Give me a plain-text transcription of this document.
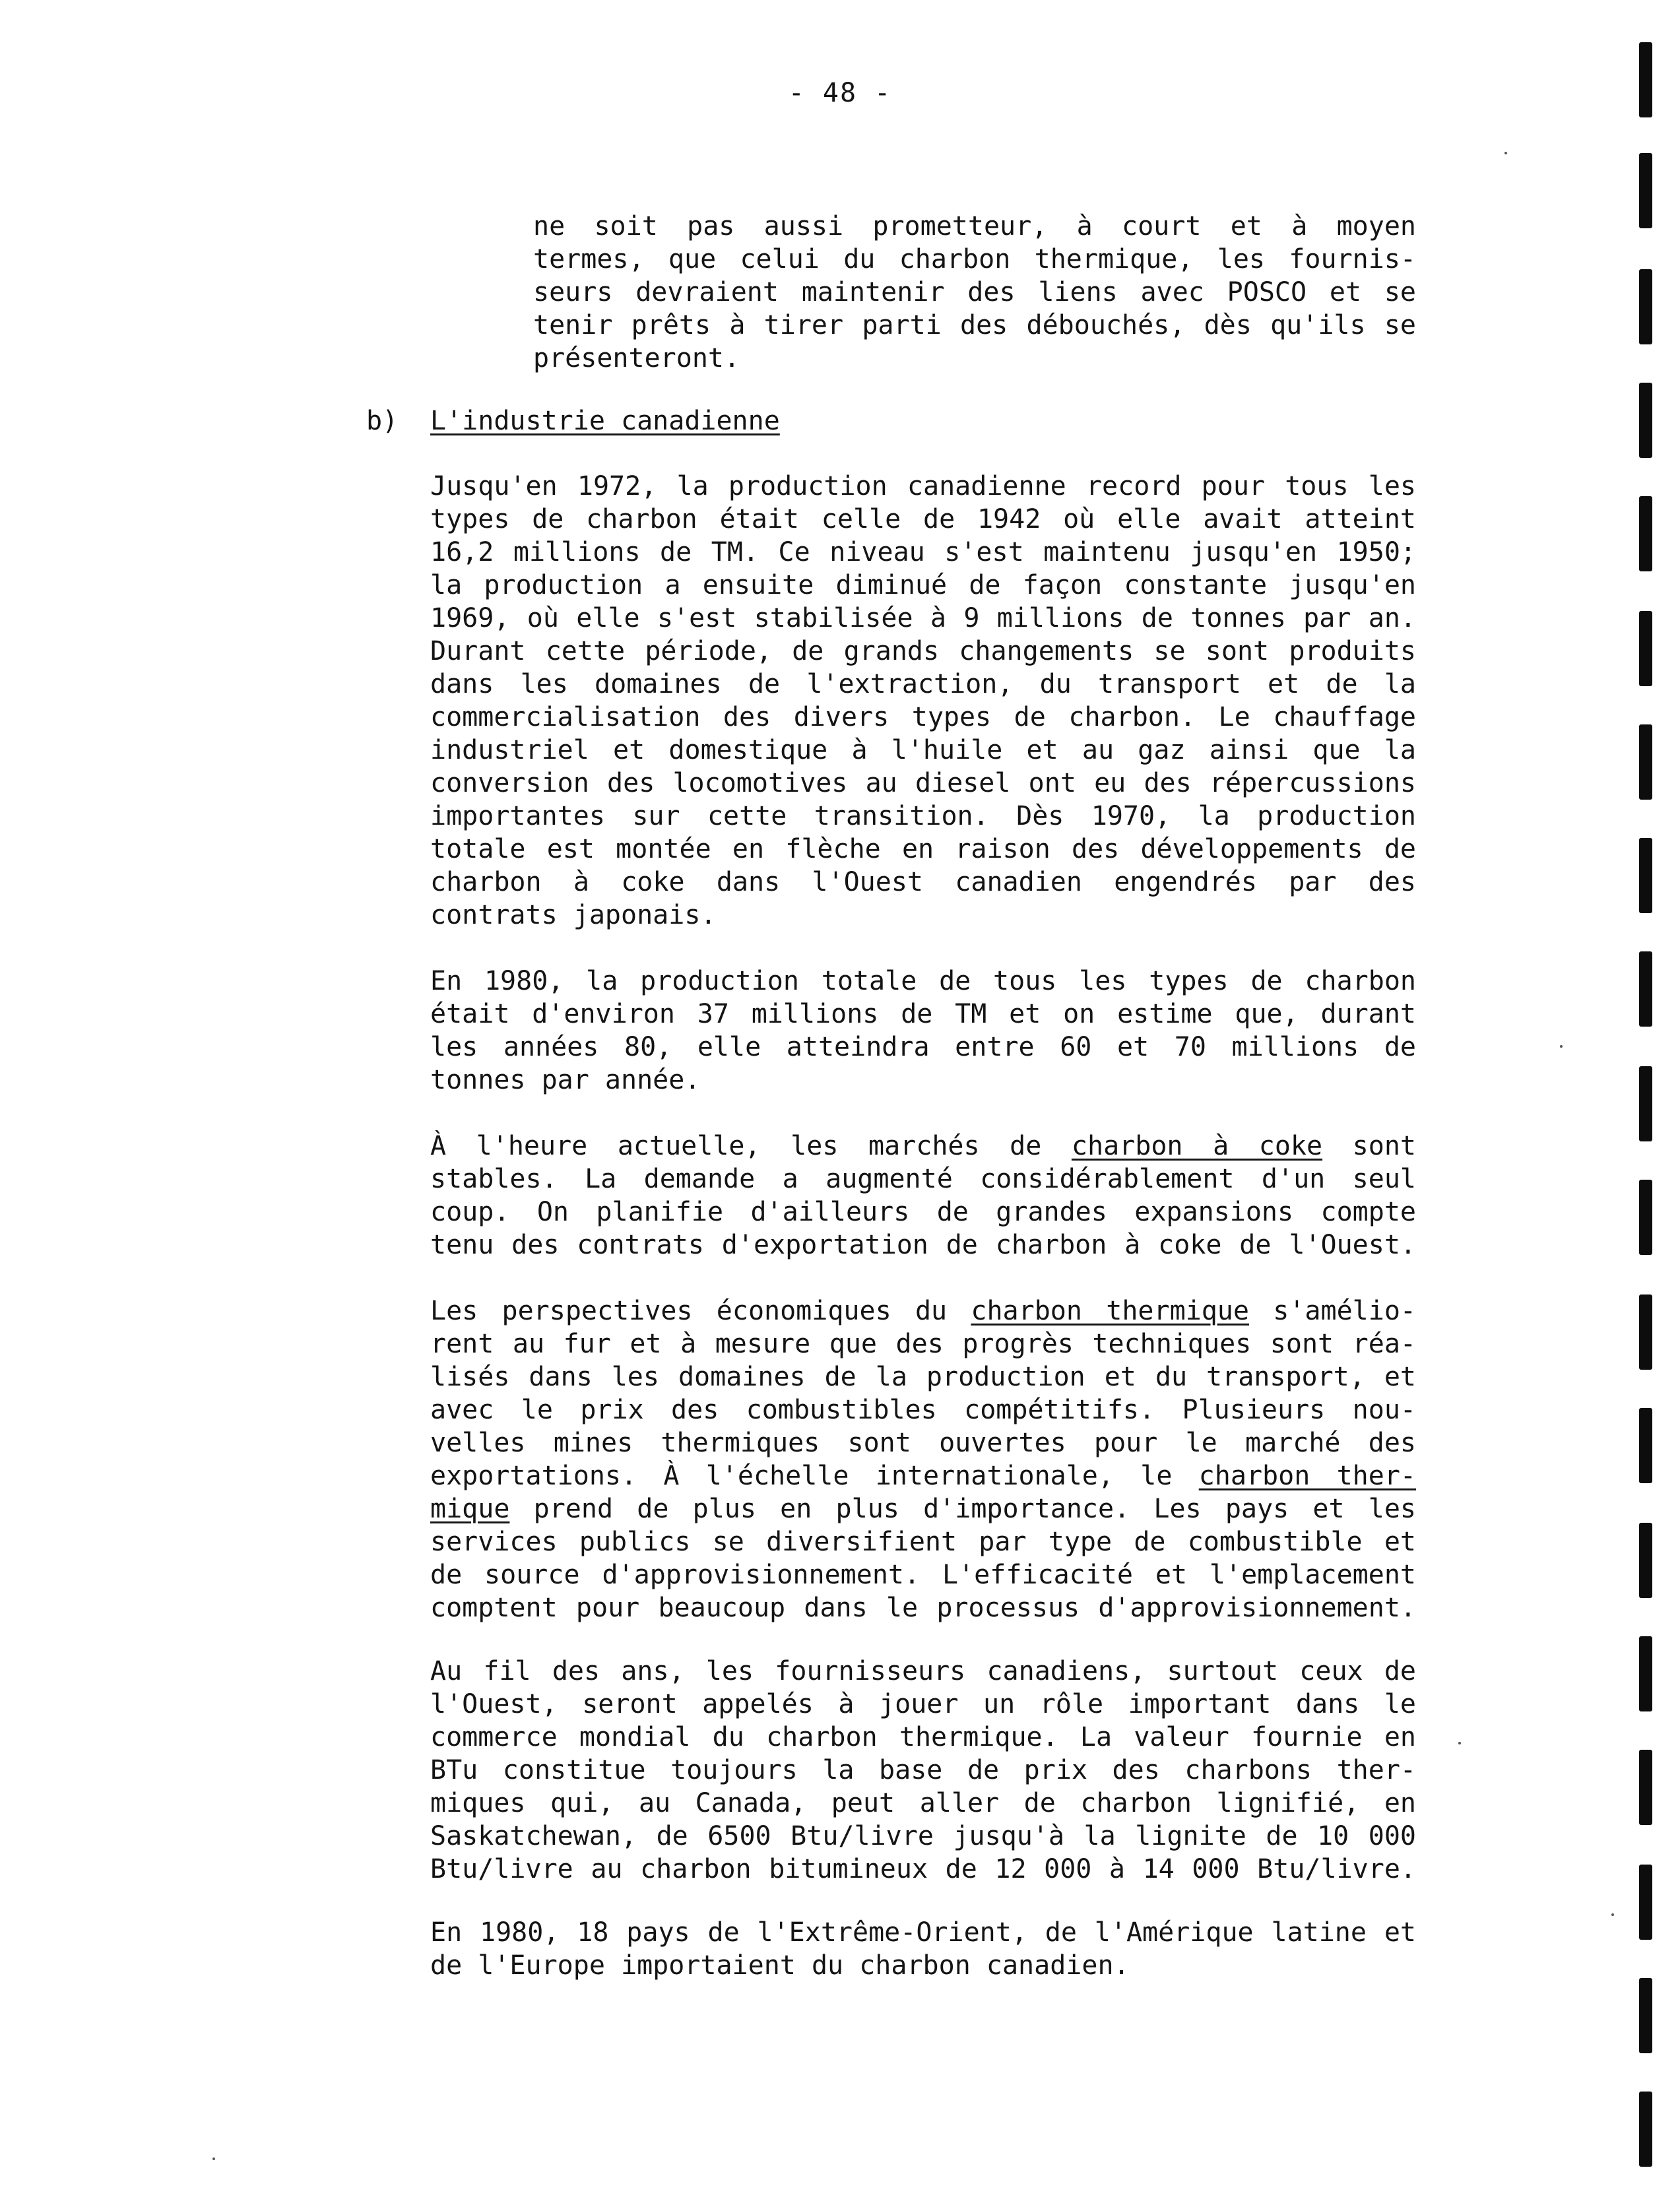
- 48 -

ne soit pas aussi prometteur, à court et à moyen
termes, que celui du charbon thermique, les fournis-
seurs devraient maintenir des liens avec POSCO et se
tenir prêts à tirer parti des débouchés, dès qu'ils se
présenteront.

b) L'industrie canadienne

Jusqu'en 1972, la production canadienne record pour tous les
types de charbon était celle de 1942 où elle avait atteint
16,2 millions de TM. Ce niveau s'est maintenu jusqu'en 1950;
la production a ensuite diminué de façon constante jusqu'en
1969, où elle s'est stabilisée à 9 millions de tonnes par an.
Durant cette période, de grands changements se sont produits
dans les domaines de l'extraction, du transport et de la
commercialisation des divers types de charbon. Le chauffage
industriel et domestique à l'huile et au gaz ainsi que la
conversion des locomotives au diesel ont eu des répercussions
importantes sur cette transition. Dès 1970, la production
totale est montée en flèche en raison des développements de
charbon à coke dans l'Ouest canadien engendrés par des
contrats japonais.

En 1980, la production totale de tous les types de charbon
était d'environ 37 millions de TM et on estime que, durant
les années 80, elle atteindra entre 60 et 70 millions de
tonnes par année.

À l'heure actuelle, les marchés de charbon à coke sont
stables. La demande a augmenté considérablement d'un seul
coup. On planifie d'ailleurs de grandes expansions compte
tenu des contrats d'exportation de charbon à coke de l'Ouest.

Les perspectives économiques du charbon thermique s'amélio-
rent au fur et à mesure que des progrès techniques sont réa-
lisés dans les domaines de la production et du transport, et
avec le prix des combustibles compétitifs. Plusieurs nou-
velles mines thermiques sont ouvertes pour le marché des
exportations. À l'échelle internationale, le charbon ther-
mique prend de plus en plus d'importance. Les pays et les
services publics se diversifient par type de combustible et
de source d'approvisionnement. L'efficacité et l'emplacement
comptent pour beaucoup dans le processus d'approvisionnement.

Au fil des ans, les fournisseurs canadiens, surtout ceux de
l'Ouest, seront appelés à jouer un rôle important dans le
commerce mondial du charbon thermique. La valeur fournie en
BTu constitue toujours la base de prix des charbons ther-
miques qui, au Canada, peut aller de charbon lignifié, en
Saskatchewan, de 6500 Btu/livre jusqu'à la lignite de 10 000
Btu/livre au charbon bitumineux de 12 000 à 14 000 Btu/livre.

En 1980, 18 pays de l'Extrême-Orient, de l'Amérique latine et
de l'Europe importaient du charbon canadien.
